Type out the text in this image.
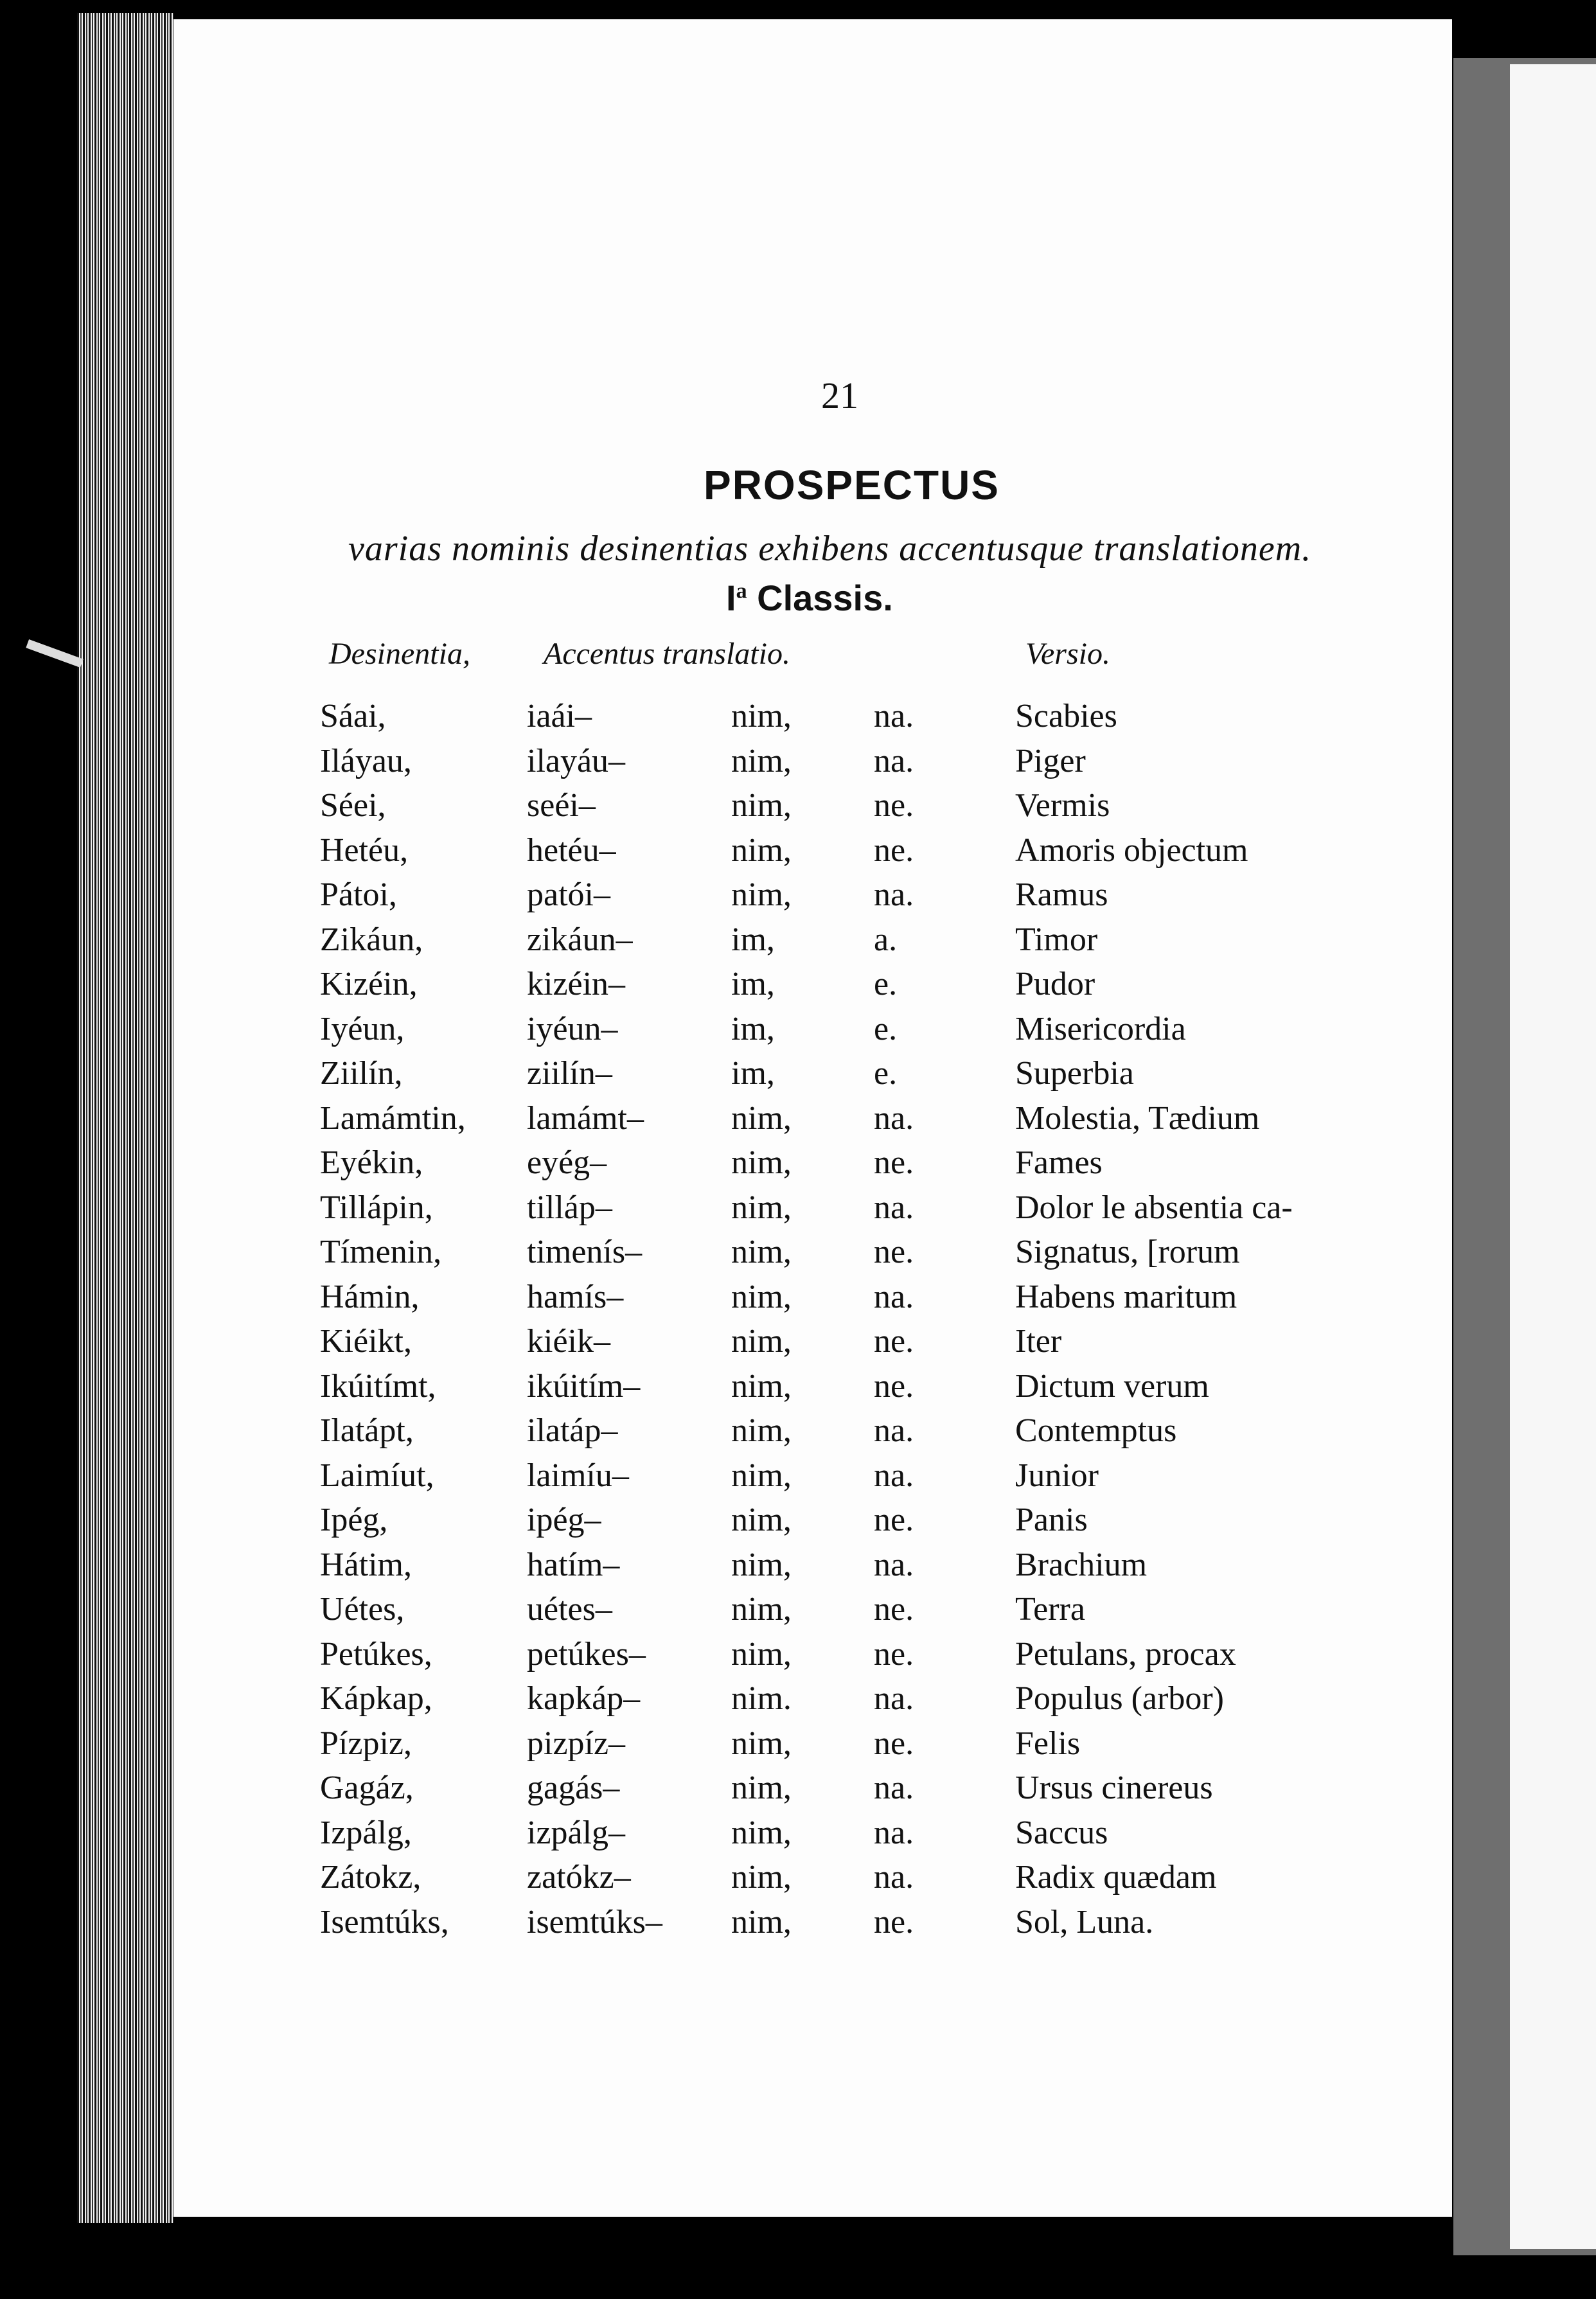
21
PROSPECTUS
varias nominis desinentias exhibens accentusque translationem.
$I^a$ Classis.
Desinentia, Accentus translatio.	Versio.
Sáai,	iaái–	nim, na.	Scabies
Iláyau,	ilayáu–	nim, na.	Piger
Séei,	seéi–	nim, ne.	Vermis
Hetéu,	hetéu–	nim, ne.	Amoris objectum
Pátoi,	patói–	nim, na.	Ramus
Zikáun,	zikáun–	im,	a.	Timor
Kizéin,	kizéin–	im,	e.	Pudor
Iyéun,	iyéun–	im,	e.	Misericordia
Ziilín,	ziilín–	im,	e.	Superbia
Lamámtin, lamámt–	nim, na.	Molestia, Tædium
Eyékin,	eyég–	nim, ne.	Fames
Tillápin,	tilláp–	nim, na.	Dolor le absentia ca-
Tímenin,	timenís–	nim, ne.	Signatus, [rorum
Hámin,	hamís–	nim, na.	Habens maritum
Kiéikt,	kiéik–	nim, ne.	Iter
Ikúitímt,	ikúitím–	nim, ne.	Dictum verum
Ilatápt,	ilatáp–	nim, na.	Contemptus
Laimíut,	laimíu–	nim, na.	Junior
Ipég,	ipég–	nim, ne.	Panis
Hátim,	hatím–	nim, na.	Brachium
Uétes,	uétes–	nim, ne.	Terra
Petúkes,	petúkes–	nim, ne.	Petulans, procax
Kápkap,	kapkáp–	nim. na.	Populus (arbor)
Pízpiz,	pizpíz–	nim, ne.	Felis
Gagáz,	gagás–	nim, na.	Ursus cinereus
Izpálg,	izpálg–	nim, na.	Saccus
Zátokz,	zatókz–	nim, na.	Radix quædam
Isemtúks, isemtúks– nim, ne.	Sol, Luna.
